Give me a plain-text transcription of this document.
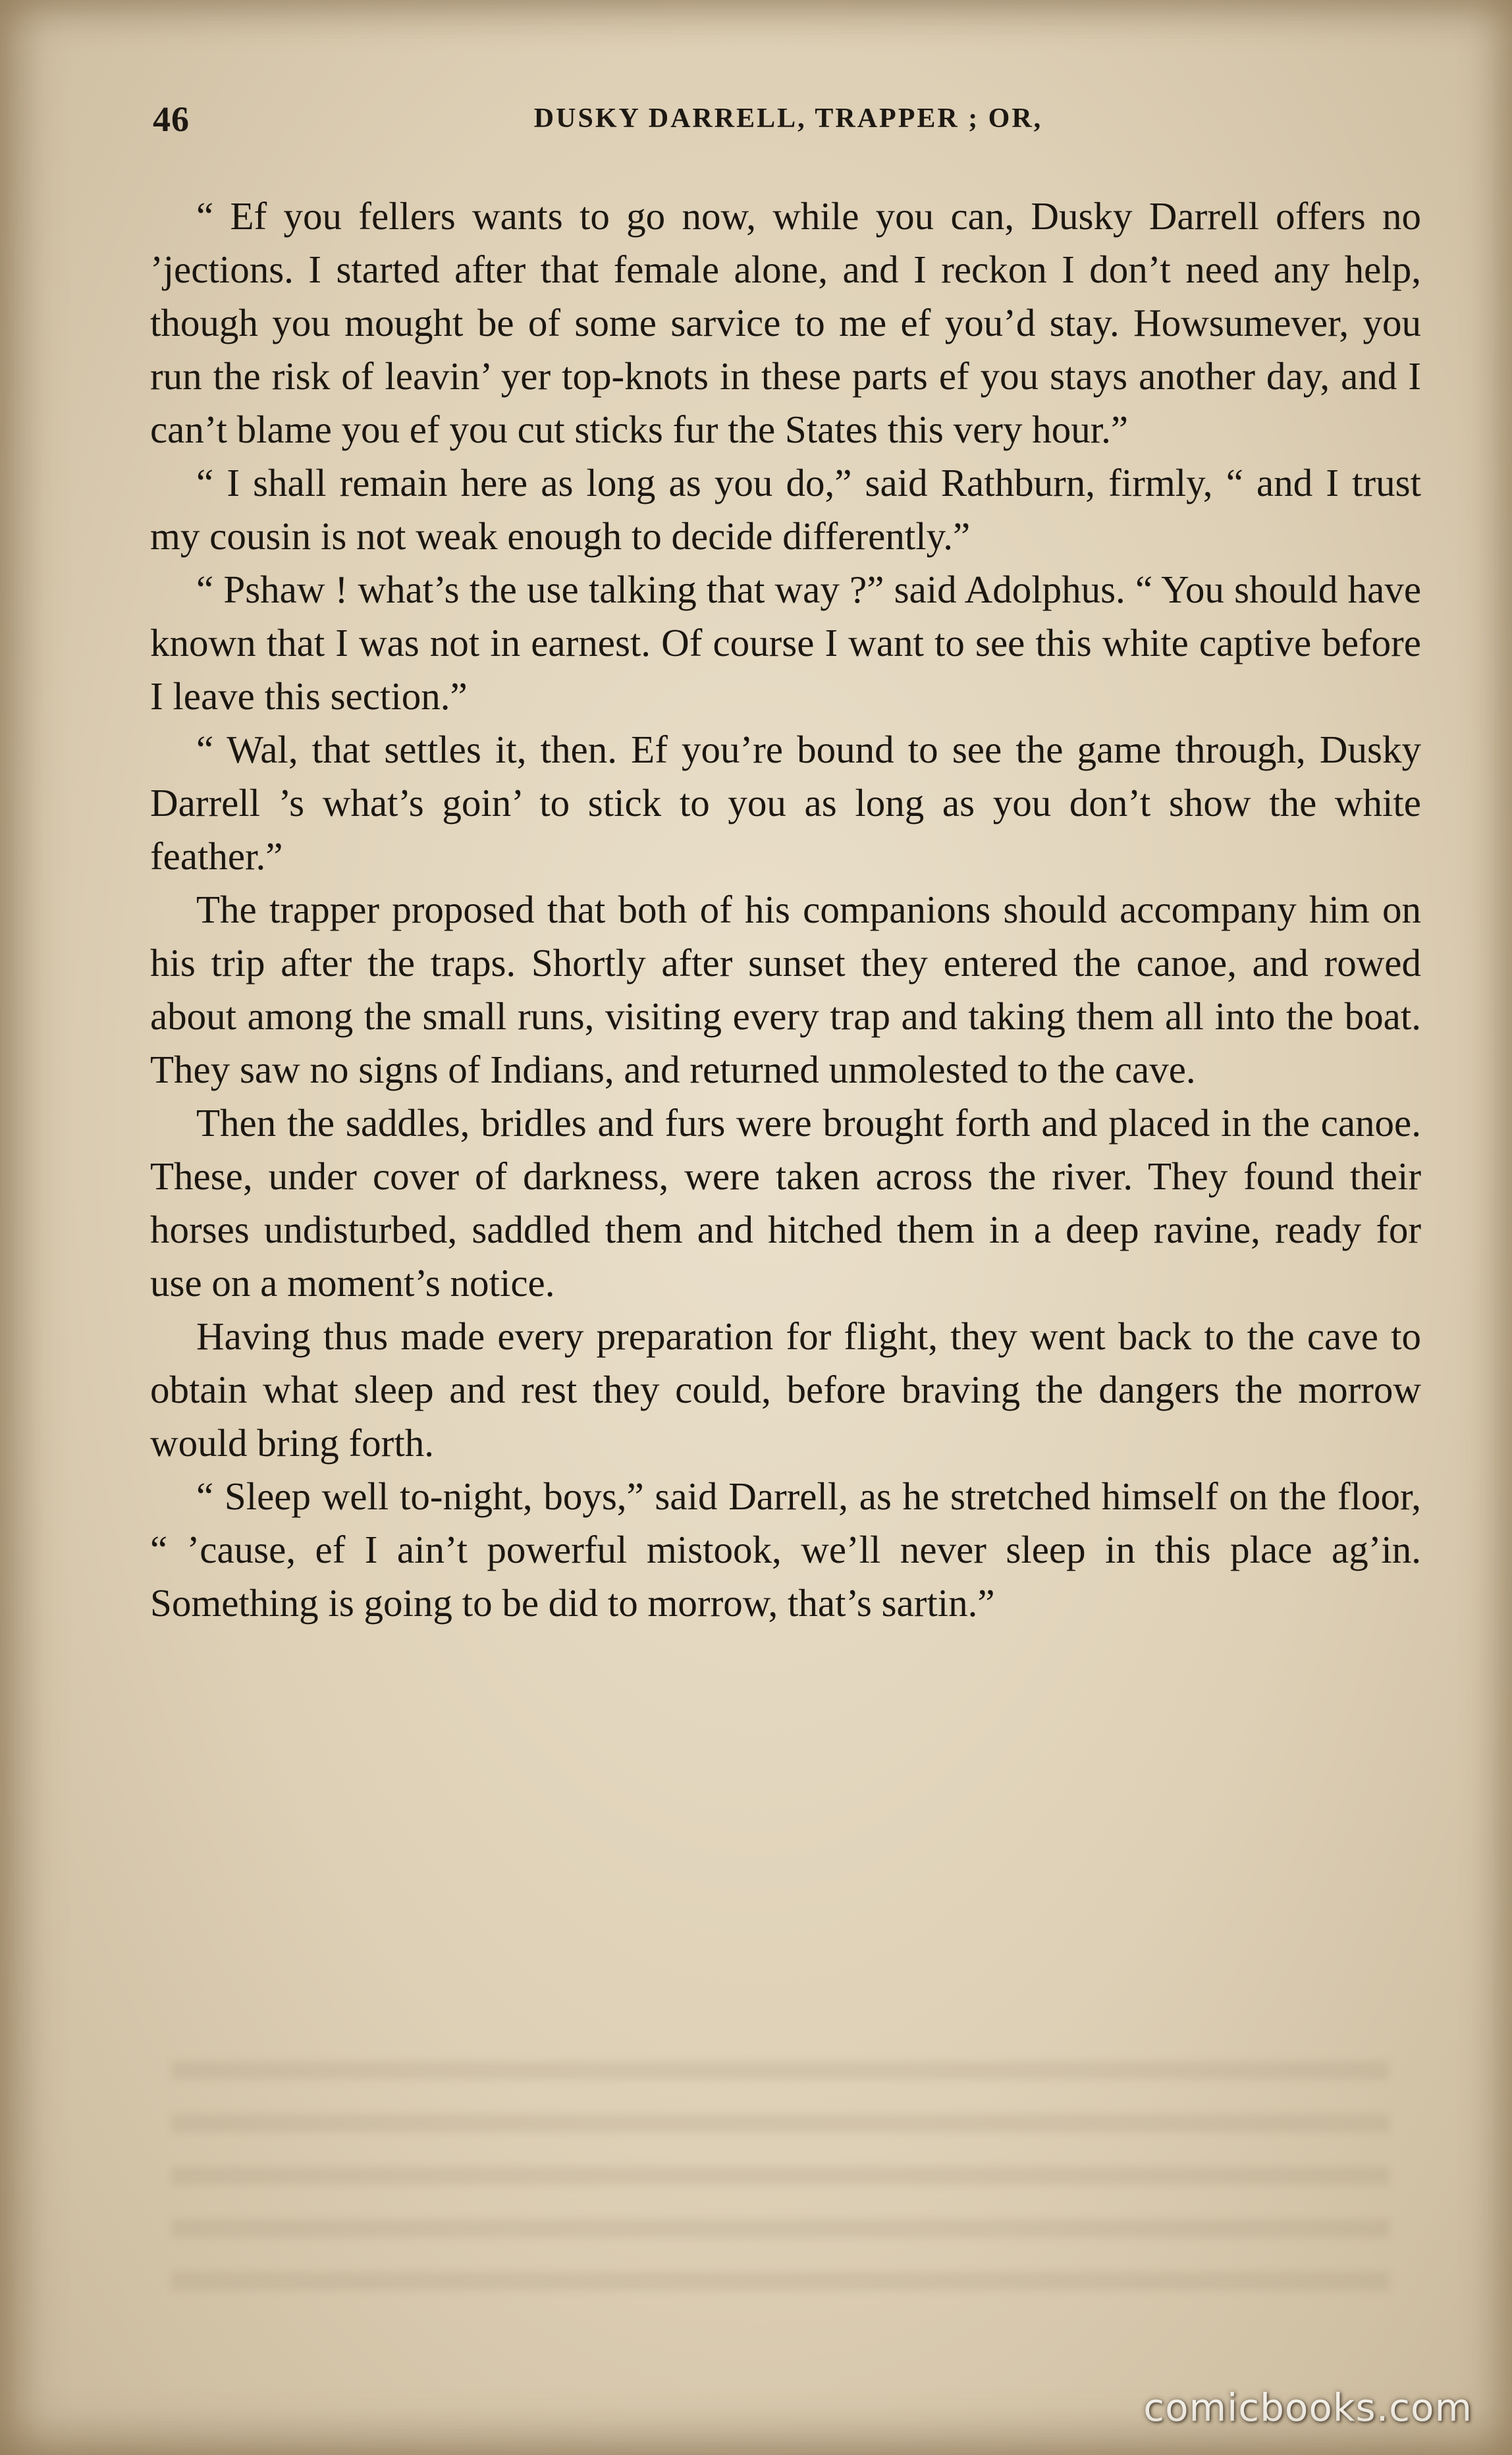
46	DUSKY DARRELL, TRAPPER ; OR,

“ Ef you fellers wants to go now, while you can, Dusky Darrell offers no ’jections. I started after that female alone, and I reckon I don’t need any help, though you mought be of some sarvice to me ef you’d stay. Howsumever, you run the risk of leavin’ yer top-knots in these parts ef you stays another day, and I can’t blame you ef you cut sticks fur the States this very hour.”

“ I shall remain here as long as you do,” said Rathburn, firmly, “ and I trust my cousin is not weak enough to decide differently.”

“ Pshaw ! what’s the use talking that way ?” said Adolphus. “ You should have known that I was not in earnest. Of course I want to see this white captive before I leave this section.”

“ Wal, that settles it, then. Ef you’re bound to see the game through, Dusky Darrell ’s what’s goin’ to stick to you as long as you don’t show the white feather.”

The trapper proposed that both of his companions should accompany him on his trip after the traps. Shortly after sunset they entered the canoe, and rowed about among the small runs, visiting every trap and taking them all into the boat. They saw no signs of Indians, and returned unmolested to the cave.

Then the saddles, bridles and furs were brought forth and placed in the canoe. These, under cover of darkness, were taken across the river. They found their horses undisturbed, saddled them and hitched them in a deep ravine, ready for use on a moment’s notice.

Having thus made every preparation for flight, they went back to the cave to obtain what sleep and rest they could, before braving the dangers the morrow would bring forth.

“ Sleep well to-night, boys,” said Darrell, as he stretched himself on the floor, “ ’cause, ef I ain’t powerful mistook, we’ll never sleep in this place ag’in. Something is going to be did to morrow, that’s sartin.”

comicbooks.com
